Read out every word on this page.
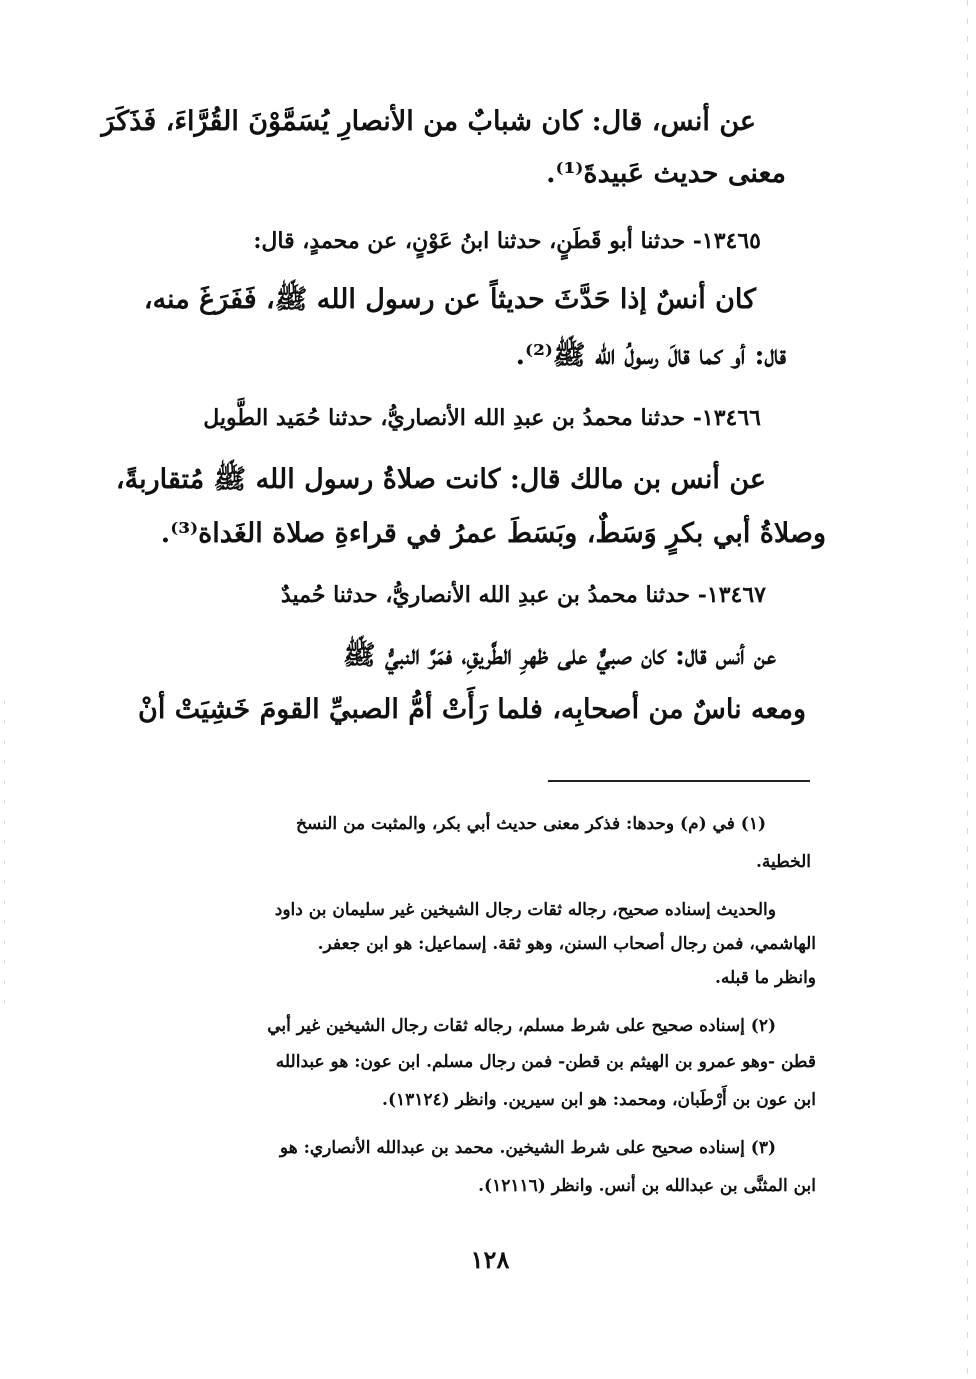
عن أنس، قال: كان شبابٌ من الأنصارِ يُسَمَّوْنَ القُرَّاءَ، فَذَكَرَ
معنى حديث عَبيدةَ⁽¹⁾.
١٣٤٦٥- حدثنا أبو قَطَنٍ، حدثنا ابنُ عَوْنٍ، عن محمدٍ، قال:
كان أنسٌ إذا حَدَّثَ حديثاً عن رسول الله ﷺ، فَفَرَغَ منه،
قال: أو كما قالَ رسولُ الله ﷺ⁽²⁾.
١٣٤٦٦- حدثنا محمدُ بن عبدِ الله الأنصاريُّ، حدثنا حُمَيد الطَّويل
عن أنس بن مالك قال: كانت صلاةُ رسول الله ﷺ مُتقاربةً،
وصلاةُ أبي بكرٍ وَسَطٌ، وبَسَطَ عمرُ في قراءةِ صلاة الغَداة⁽³⁾.
١٣٤٦٧- حدثنا محمدُ بن عبدِ الله الأنصاريُّ، حدثنا حُميدٌ
عن أنس قال: كان صبيٌّ على ظهرِ الطَّريقِ، فمَرَّ النبيُّ ﷺ
ومعه ناسٌ من أصحابِه، فلما رَأَتْ أمُّ الصبيِّ القومَ خَشِيَتْ أنْ
(١) في (م) وحدها: فذكر معنى حديث أبي بكر، والمثبت من النسخ
الخطية.
والحديث إسناده صحيح، رجاله ثقات رجال الشيخين غير سليمان بن داود
الهاشمي، فمن رجال أصحاب السنن، وهو ثقة. إسماعيل: هو ابن جعفر.
وانظر ما قبله.
(٢) إسناده صحيح على شرط مسلم، رجاله ثقات رجال الشيخين غير أبي
قطن -وهو عمرو بن الهيثم بن قطن- فمن رجال مسلم. ابن عون: هو عبدالله
ابن عون بن أَرْطَبان، ومحمد: هو ابن سيرين. وانظر (١٣١٢٤).
(٣) إسناده صحيح على شرط الشيخين. محمد بن عبدالله الأنصاري: هو
ابن المثنَّى بن عبدالله بن أنس. وانظر (١٢١١٦).
١٢٨
